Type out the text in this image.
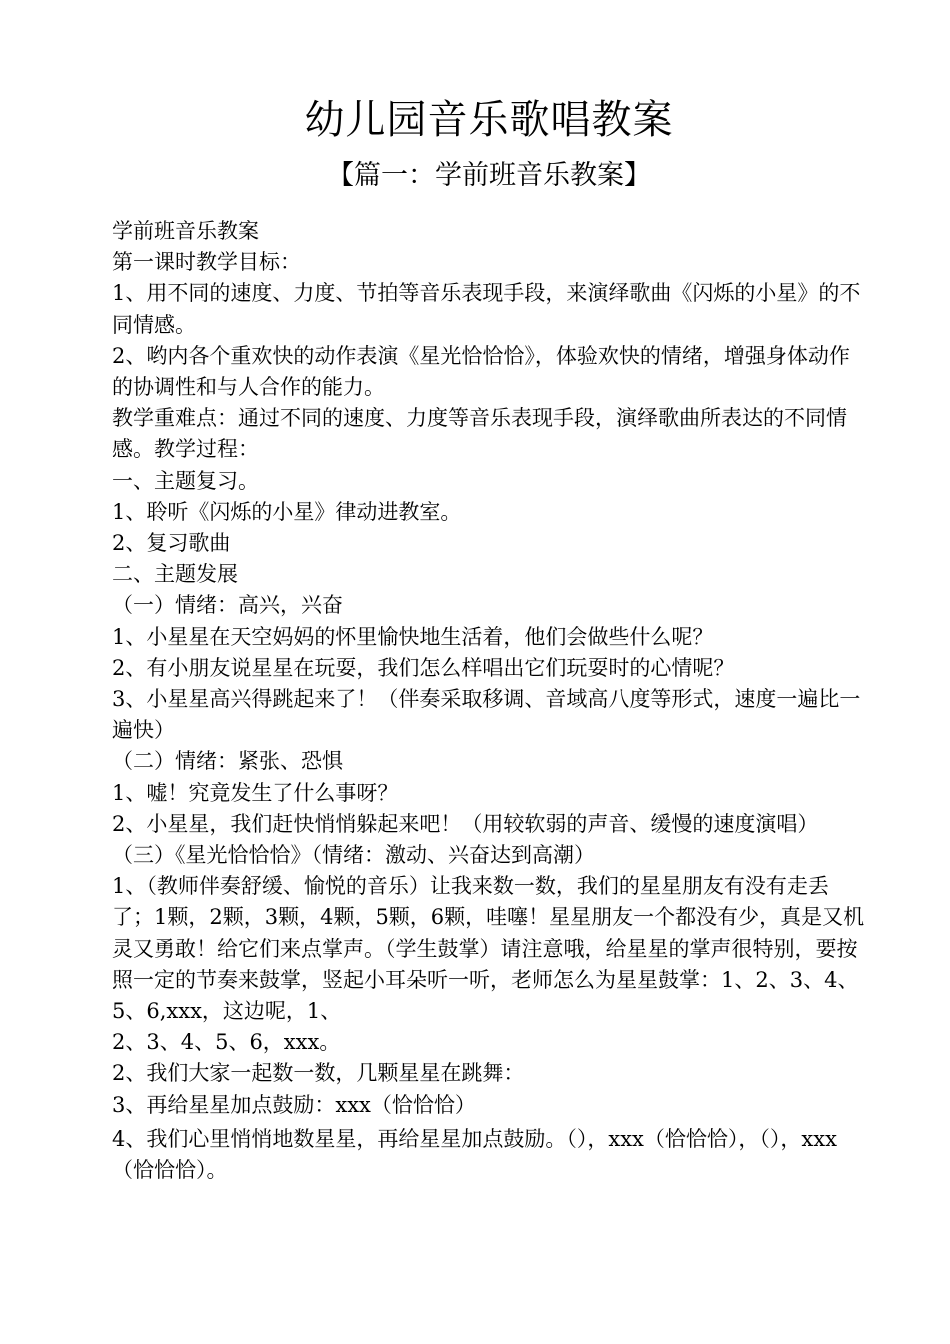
幼儿园音乐歌唱教案
【篇一：学前班音乐教案】

学前班音乐教案

第一课时教学目标：

1、用不同的速度、力度、节拍等音乐表现手段，来演绎歌曲《闪烁的小星》的不同情感。

2、哟内各个重欢快的动作表演《星光恰恰恰》，体验欢快的情绪，增强身体动作的协调性和与人合作的能力。

教学重难点：通过不同的速度、力度等音乐表现手段，演绎歌曲所表达的不同情感。教学过程：

一、主题复习。

1、聆听《闪烁的小星》律动进教室。

2、复习歌曲

二、主题发展

（一）情绪：高兴，兴奋

1、小星星在天空妈妈的怀里愉快地生活着，他们会做些什么呢？

2、有小朋友说星星在玩耍，我们怎么样唱出它们玩耍时的心情呢？

3、小星星高兴得跳起来了！（伴奏采取移调、音域高八度等形式，速度一遍比一遍快）

（二）情绪：紧张、恐惧

1、嘘！究竟发生了什么事呀？

2、小星星，我们赶快悄悄躲起来吧！（用较软弱的声音、缓慢的速度演唱）

（三）《星光恰恰恰》（情绪：激动、兴奋达到高潮）

1、（教师伴奏舒缓、愉悦的音乐）让我来数一数，我们的星星朋友有没有走丢了；1颗，2颗，3颗，4颗，5颗，6颗，哇噻！星星朋友一个都没有少，真是又机灵又勇敢！给它们来点掌声。（学生鼓掌）请注意哦，给星星的掌声很特别，要按照一定的节奏来鼓掌，竖起小耳朵听一听，老师怎么为星星鼓掌：1、2、3、4、5、6,xxx，这边呢，1、

2、3、4、5、6，xxx。

2、我们大家一起数一数，几颗星星在跳舞：

3、再给星星加点鼓励：xxx（恰恰恰）

4、我们心里悄悄地数星星，再给星星加点鼓励。（），xxx（恰恰恰），（），xxx（恰恰恰）。
